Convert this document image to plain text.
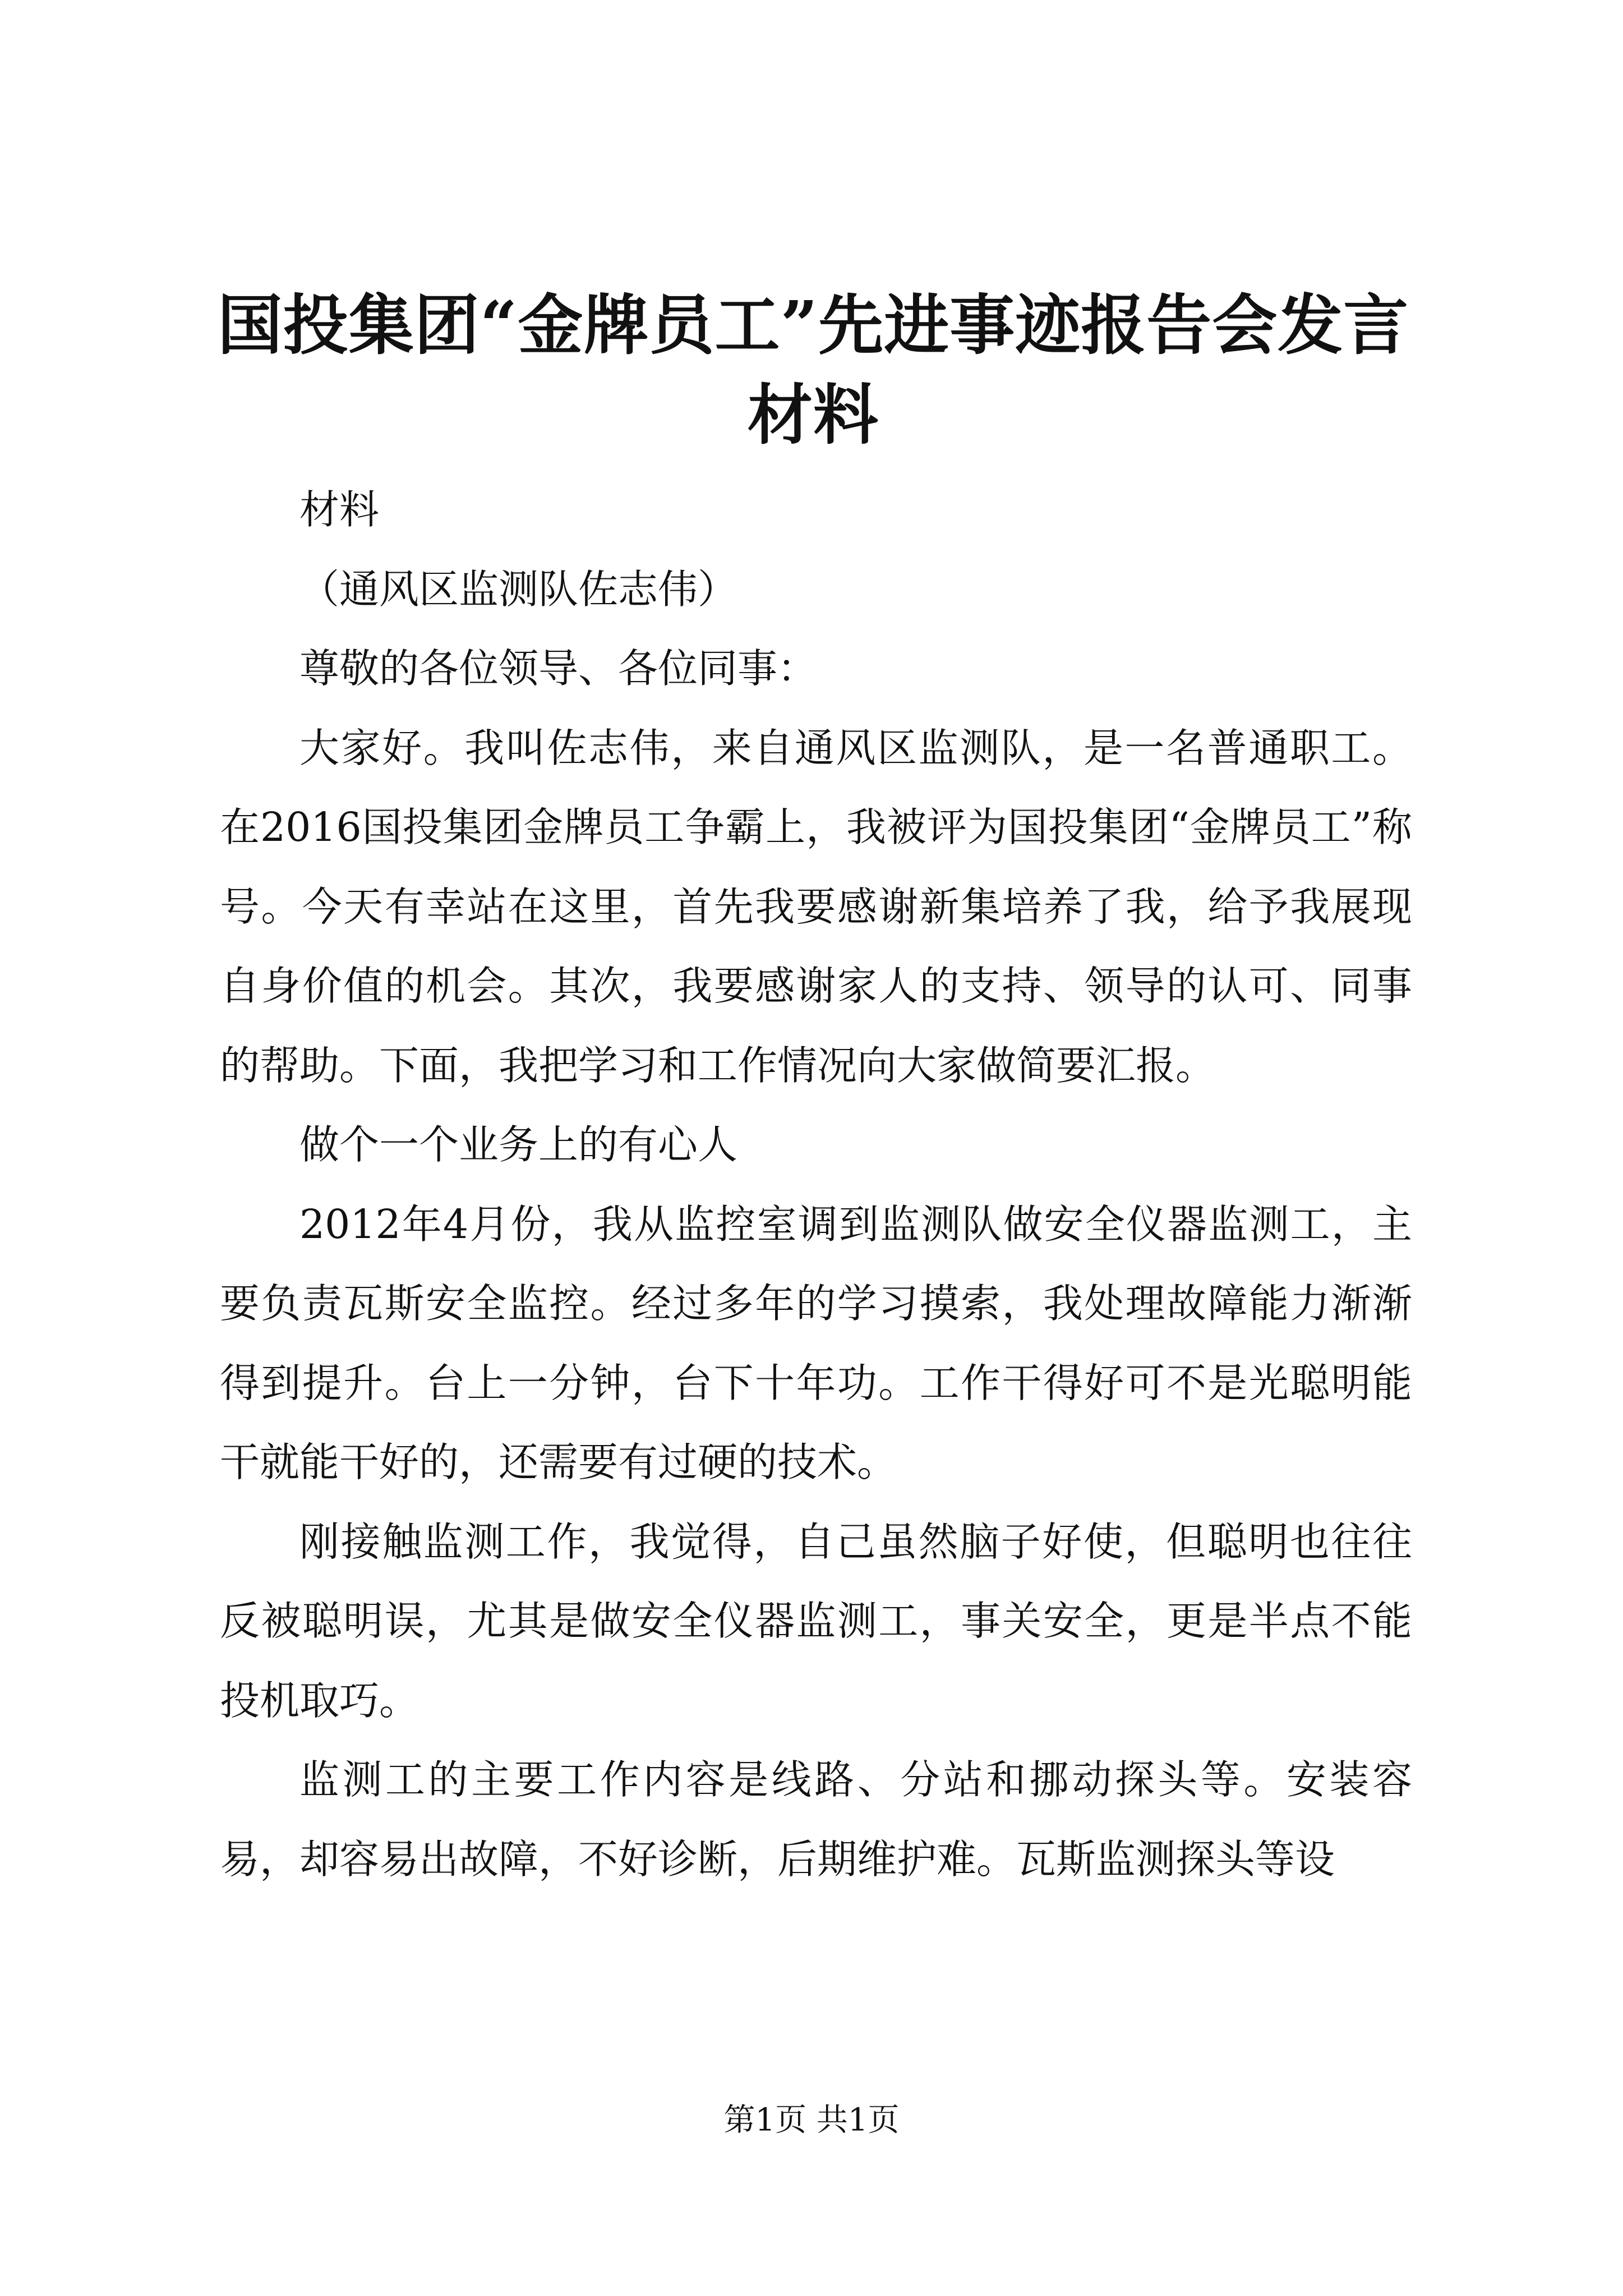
国投集团“金牌员工”先进事迹报告会发言材料

材料

（通风区监测队佐志伟）

尊敬的各位领导、各位同事：

大家好。我叫佐志伟，来自通风区监测队，是一名普通职工。在2016国投集团金牌员工争霸上，我被评为国投集团“金牌员工”称号。今天有幸站在这里，首先我要感谢新集培养了我，给予我展现自身价值的机会。其次，我要感谢家人的支持、领导的认可、同事的帮助。下面，我把学习和工作情况向大家做简要汇报。

做个一个业务上的有心人

2012年4月份，我从监控室调到监测队做安全仪器监测工，主要负责瓦斯安全监控。经过多年的学习摸索，我处理故障能力渐渐得到提升。台上一分钟，台下十年功。工作干得好可不是光聪明能干就能干好的，还需要有过硬的技术。

刚接触监测工作，我觉得，自己虽然脑子好使，但聪明也往往反被聪明误，尤其是做安全仪器监测工，事关安全，更是半点不能投机取巧。

监测工的主要工作内容是线路、分站和挪动探头等。安装容易，却容易出故障，不好诊断，后期维护难。瓦斯监测探头等设

第1页 共1页
